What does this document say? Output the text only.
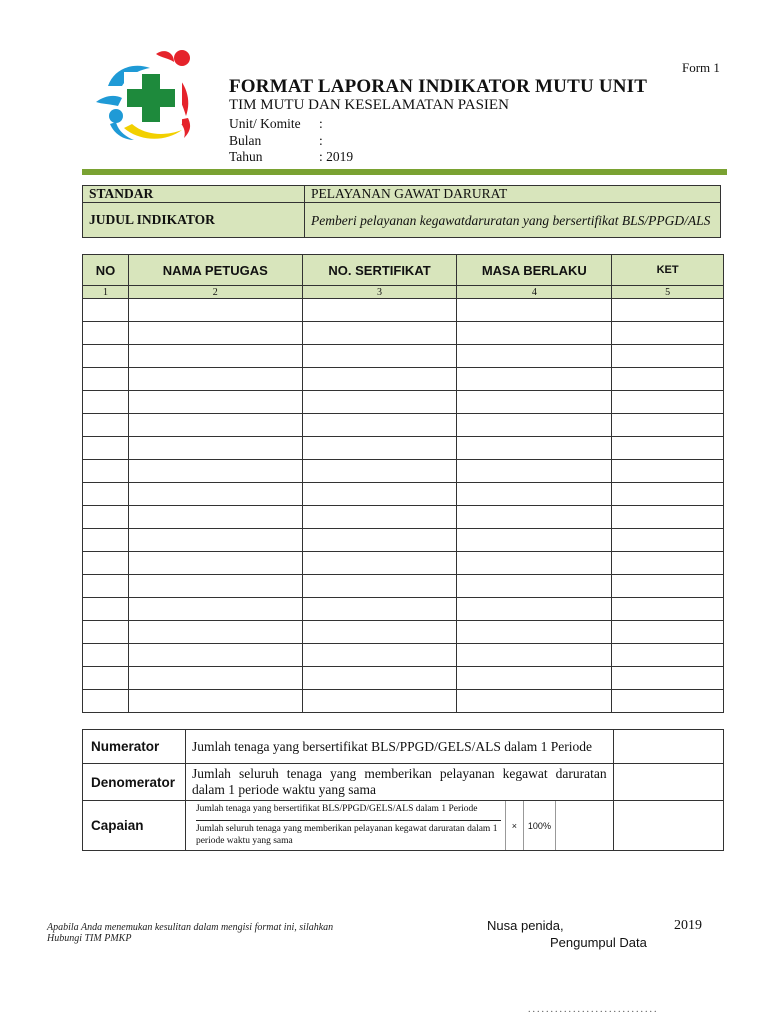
Form 1
FORMAT LAPORAN INDIKATOR MUTU UNIT
TIM MUTU DAN KESELAMATAN PASIEN
Unit/ Komite :
Bulan	:
Tahun	: 2019
STANDAR	PELAYANAN GAWAT DARURAT
JUDUL INDIKATOR	Pemberi pelayanan kegawatdaruratan yang bersertifikat BLS/PPGD/ALS
NO	NAMA PETUGAS	NO. SERTIFIKAT	MASA BERLAKU	KET
1	2	3	4	5

Numerator	Jumlah tenaga yang bersertifikat BLS/PPGD/GELS/ALS dalam 1 Periode	
Denomerator	Jumlah seluruh tenaga yang memberikan pelayanan kegawat daruratan dalam 1 periode waktu yang sama	
Capaian	Jumlah tenaga yang bersertifikat BLS/PPGD/GELS/ALS dalam 1 Periode
Jumlah seluruh tenaga yang memberikan pelayanan kegawat daruratan dalam 1 periode waktu yang sama
× 100%	

Apabila Anda menemukan kesulitan dalam mengisi format ini, silahkan
Hubungi TIM PMKP
Nusa penida,	2019
Pengumpul Data
.............................
